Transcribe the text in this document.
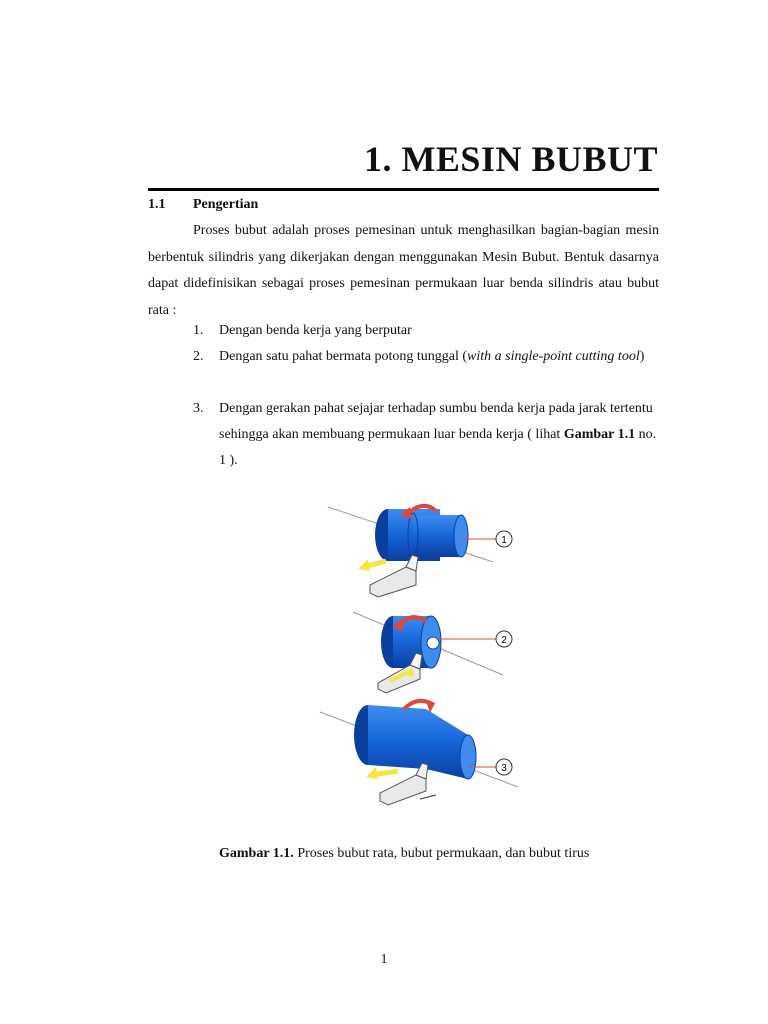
1. MESIN BUBUT
1.1 Pengertian

Proses bubut adalah proses pemesinan untuk menghasilkan bagian-bagian mesin berbentuk silindris yang dikerjakan dengan menggunakan Mesin Bubut. Bentuk dasarnya dapat didefinisikan sebagai proses pemesinan permukaan luar benda silindris atau bubut rata :

1. Dengan benda kerja yang berputar
2. Dengan satu pahat bermata potong tunggal (with a single-point cutting tool)
3. Dengan gerakan pahat sejajar terhadap sumbu benda kerja pada jarak tertentu sehingga akan membuang permukaan luar benda kerja ( lihat Gambar 1.1 no. 1 ).
1
2
3
Gambar 1.1. Proses bubut rata, bubut permukaan, dan bubut tirus
1
